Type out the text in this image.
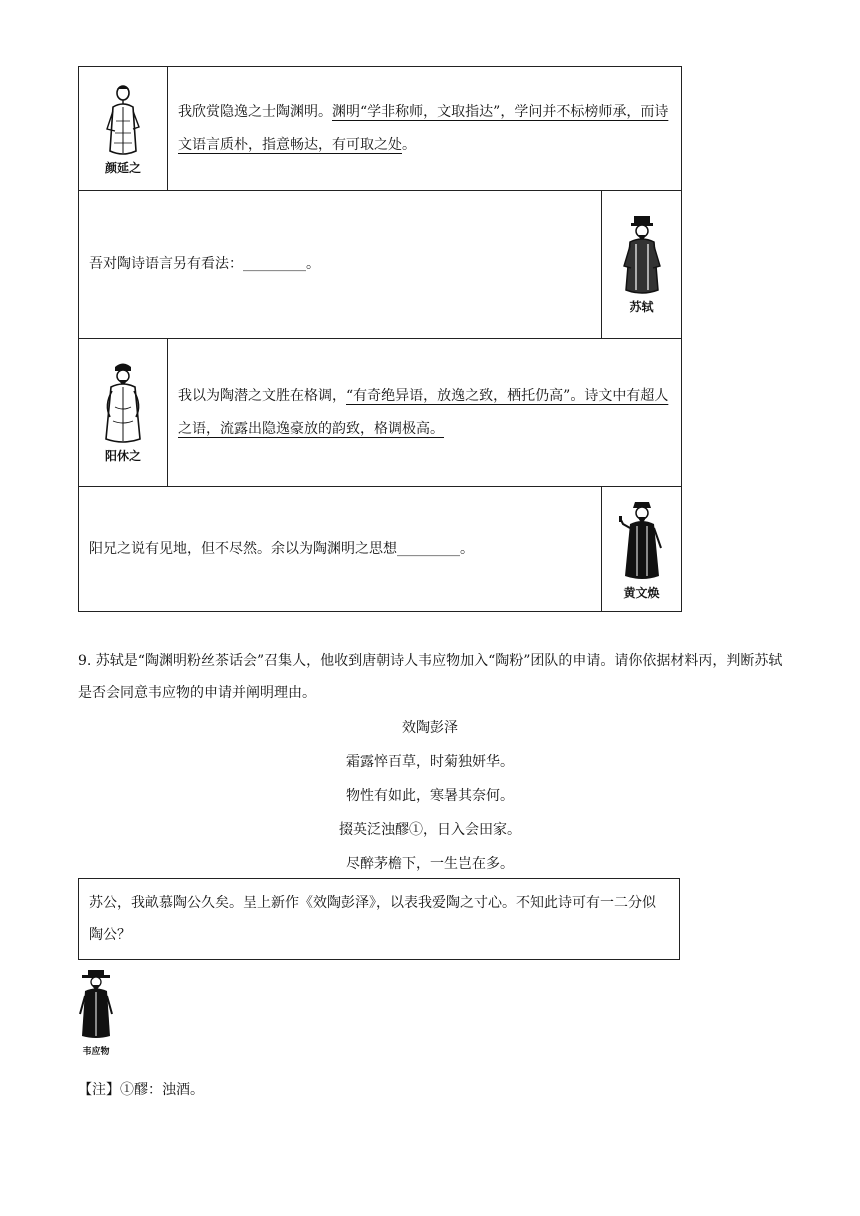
颜延之
我欣赏隐逸之士陶渊明。渊明“学非称师，文取指达”，学问并不标榜师承，而诗文语言质朴，指意畅达，有可取之处。
吾对陶诗语言另有看法：_________。
苏轼
阳休之
我以为陶潜之文胜在格调，“有奇绝异语，放逸之致，栖托仍高”。诗文中有超人之语，流露出隐逸豪放的韵致，格调极高。
阳兄之说有见地，但不尽然。余以为陶渊明之思想_________。
黄文焕
9. 苏轼是“陶渊明粉丝茶话会”召集人，他收到唐朝诗人韦应物加入“陶粉”团队的申请。请你依据材料丙，判断苏轼是否会同意韦应物的申请并阐明理由。
效陶彭泽
霜露悴百草，时菊独妍华。
物性有如此，寒暑其奈何。
掇英泛浊醪①，日入会田家。
尽醉茅檐下，一生岂在多。
苏公，我畝慕陶公久矣。呈上新作《效陶彭泽》，以表我爱陶之寸心。不知此诗可有一二分似陶公？
韦应物
【注】①醪：浊酒。
